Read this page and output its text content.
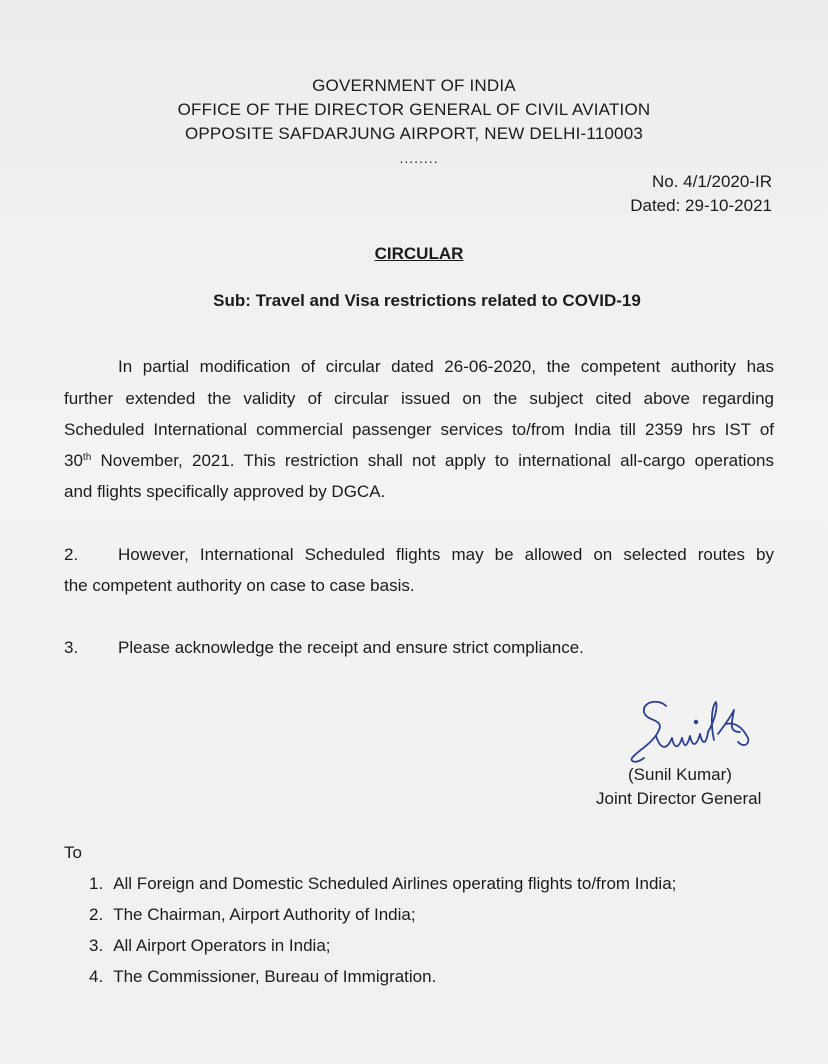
GOVERNMENT OF INDIA
OFFICE OF THE DIRECTOR GENERAL OF CIVIL AVIATION
OPPOSITE SAFDARJUNG AIRPORT, NEW DELHI-110003
........
No. 4/1/2020-IR
Dated: 29-10-2021
CIRCULAR
Sub: Travel and Visa restrictions related to COVID-19
In partial modification of circular dated 26-06-2020, the competent authority has
further extended the validity of circular issued on the subject cited above regarding
Scheduled International commercial passenger services to/from India till 2359 hrs IST of
30th November, 2021. This restriction shall not apply to international all-cargo operations
and flights specifically approved by DGCA.
2. However, International Scheduled flights may be allowed on selected routes by
the competent authority on case to case basis.
3. Please acknowledge the receipt and ensure strict compliance.
(Sunil Kumar)
Joint Director General
To
1. All Foreign and Domestic Scheduled Airlines operating flights to/from India;
2. The Chairman, Airport Authority of India;
3. All Airport Operators in India;
4. The Commissioner, Bureau of Immigration.
